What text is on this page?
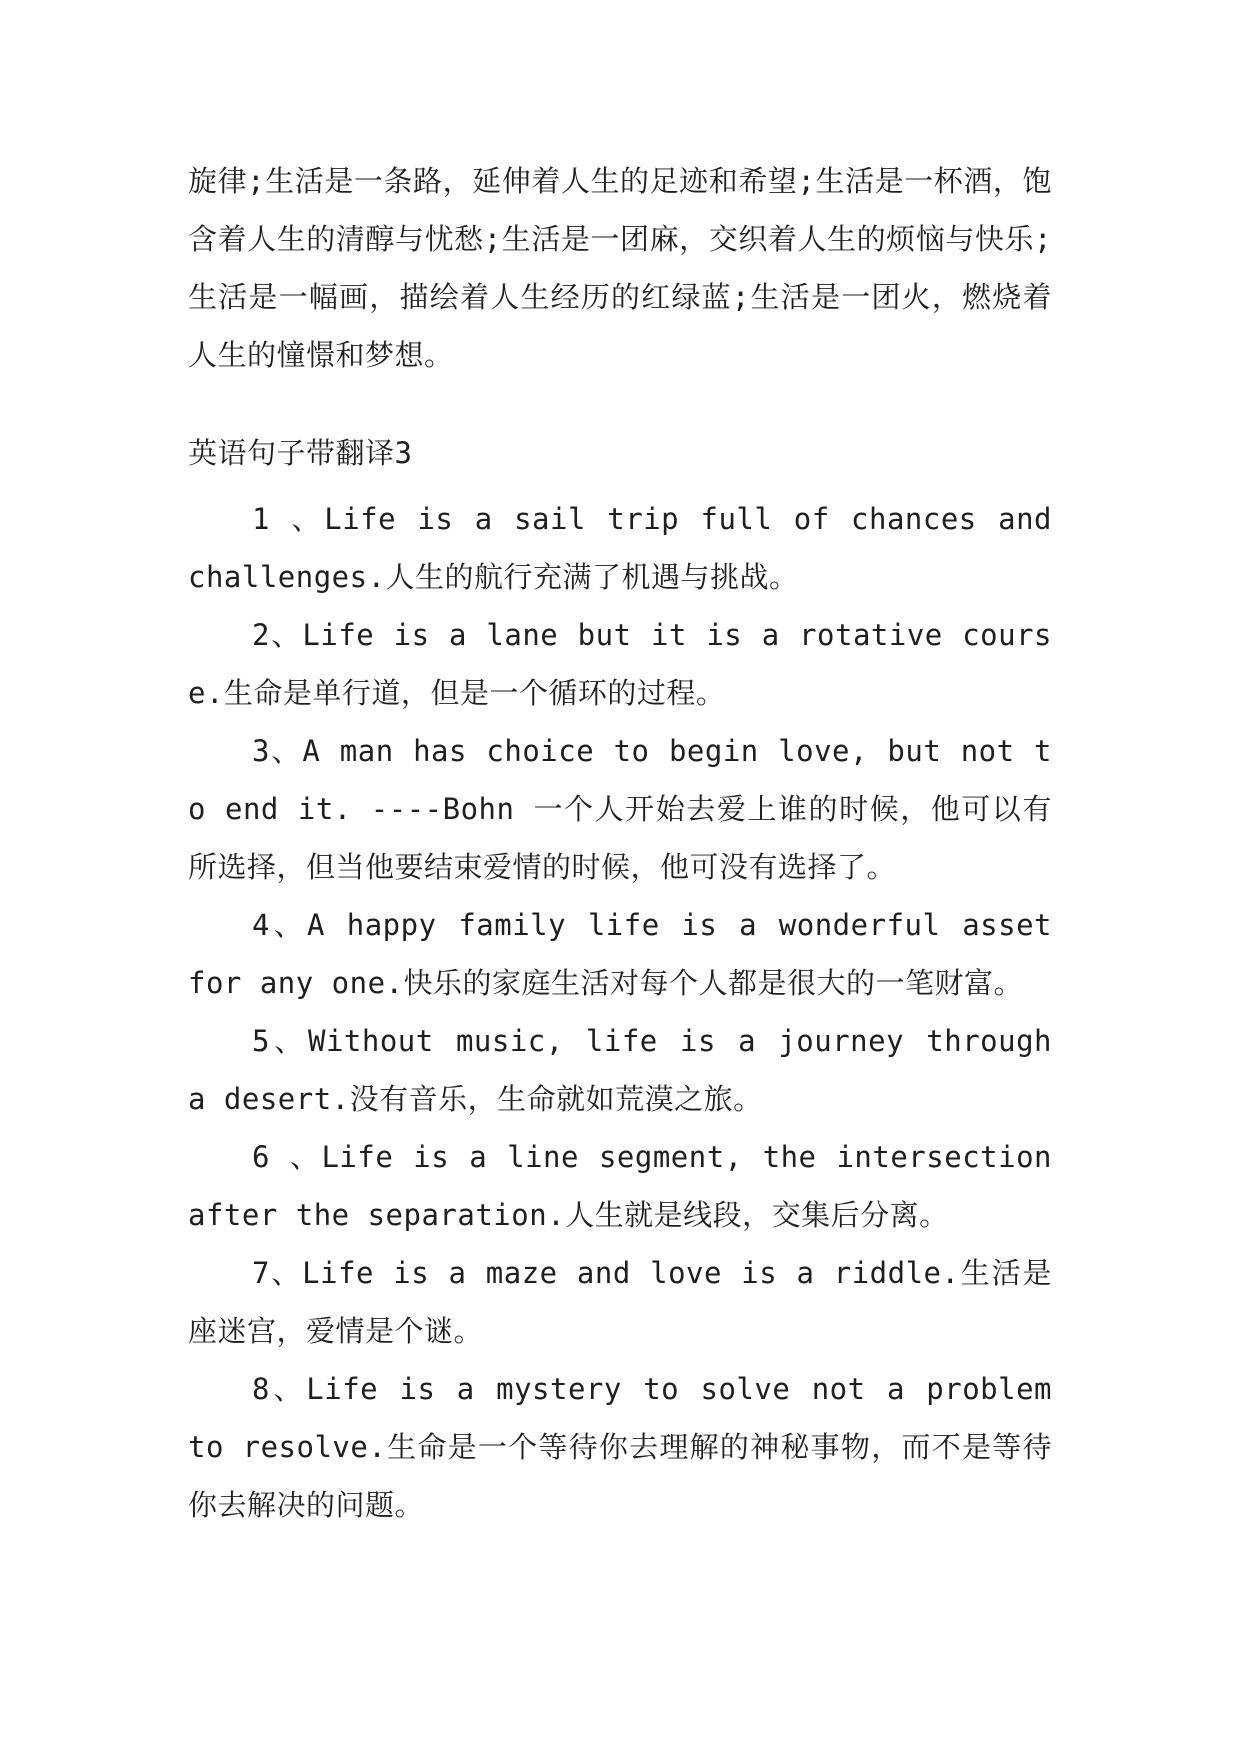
旋律;生活是一条路，延伸着人生的足迹和希望;生活是一杯酒，饱含着人生的清醇与忧愁;生活是一团麻，交织着人生的烦恼与快乐;生活是一幅画，描绘着人生经历的红绿蓝;生活是一团火，燃烧着人生的憧憬和梦想。

英语句子带翻译3

1 、Life is a sail trip full of chances and challenges.人生的航行充满了机遇与挑战。

2、Life is a lane but it is a rotative course.生命是单行道，但是一个循环的过程。

3、A man has choice to begin love, but not to end it. ----Bohn 一个人开始去爱上谁的时候，他可以有所选择，但当他要结束爱情的时候，他可没有选择了。

4、A happy family life is a wonderful asset for any one.快乐的家庭生活对每个人都是很大的一笔财富。

5、Without music, life is a journey through a desert.没有音乐，生命就如荒漠之旅。

6 、Life is a line segment, the intersection after the separation.人生就是线段，交集后分离。

7、Life is a maze and love is a riddle.生活是座迷宫，爱情是个谜。

8、Life is a mystery to solve not a problem to resolve.生命是一个等待你去理解的神秘事物，而不是等待你去解决的问题。
